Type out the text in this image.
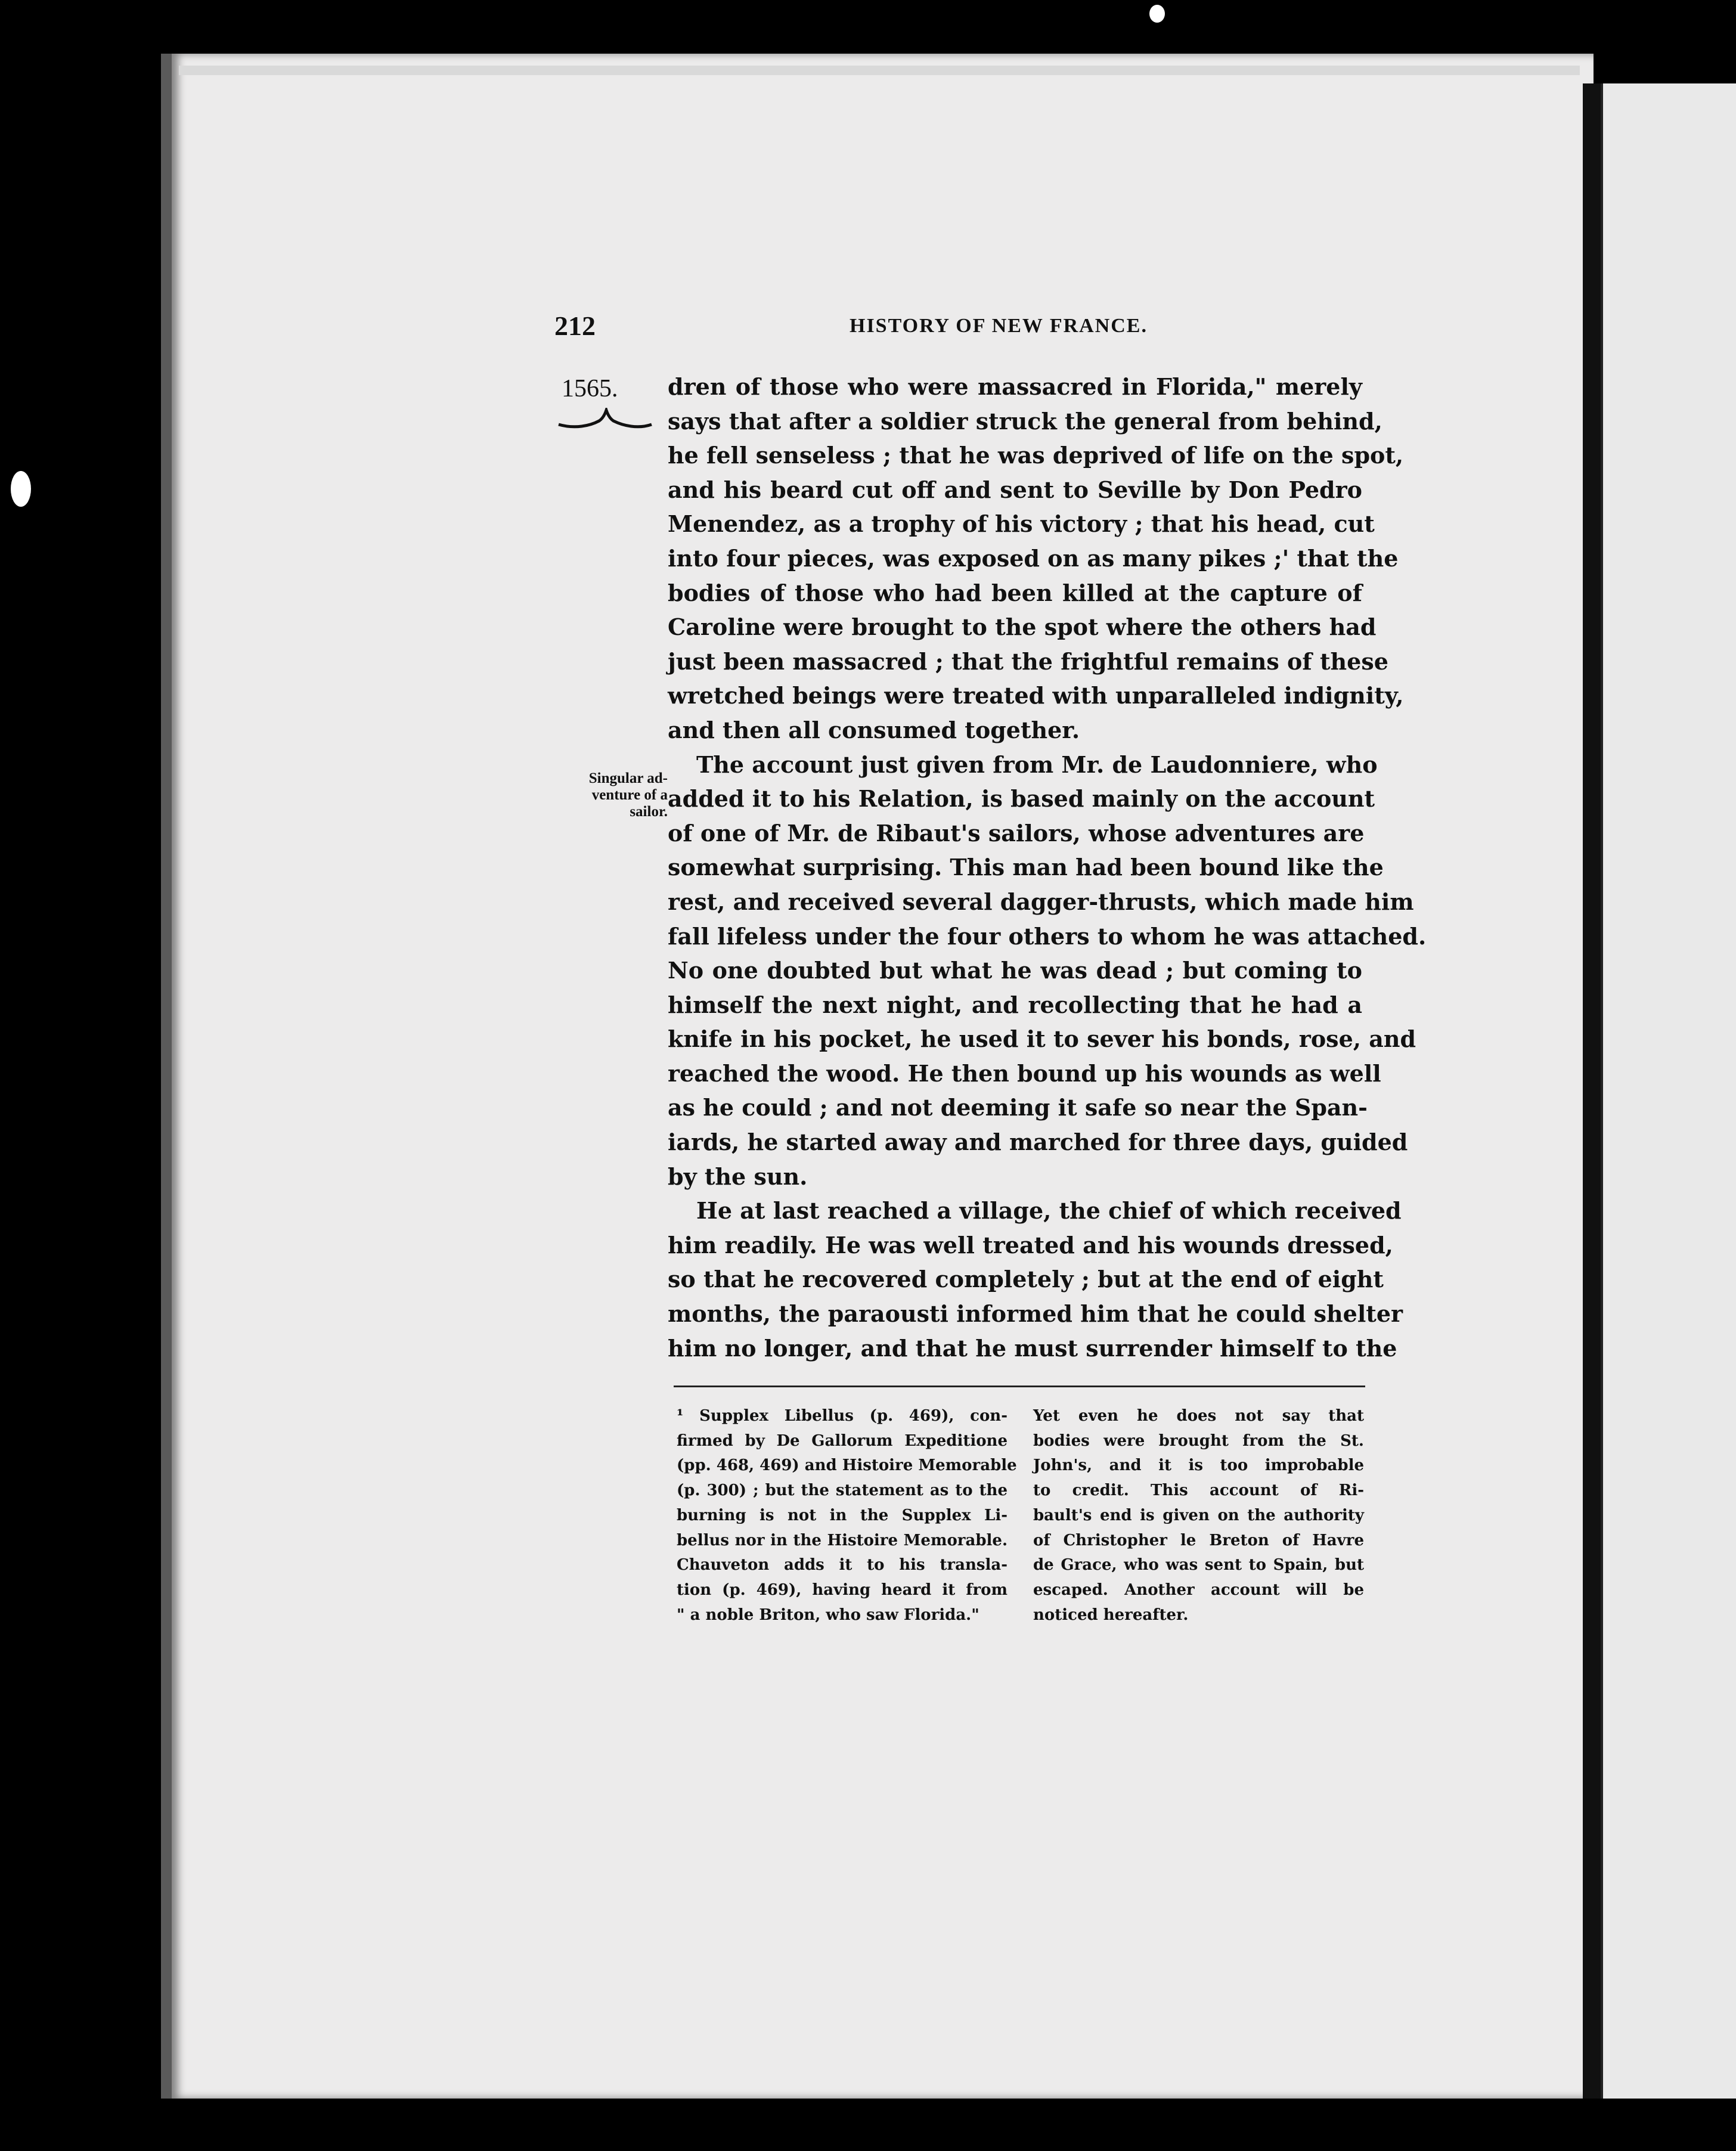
212	HISTORY OF NEW FRANCE.
1565.
Singular ad-
venture of a
sailor.

dren of those who were massacred in Florida," merely
says that after a soldier struck the general from behind,
he fell senseless ; that he was deprived of life on the spot,
and his beard cut off and sent to Seville by Don Pedro
Menendez, as a trophy of his victory ; that his head, cut
into four pieces, was exposed on as many pikes ;' that the
bodies of those who had been killed at the capture of
Caroline were brought to the spot where the others had
just been massacred ; that the frightful remains of these
wretched beings were treated with unparalleled indignity,
and then all consumed together.

The account just given from Mr. de Laudonniere, who
added it to his Relation, is based mainly on the account
of one of Mr. de Ribaut's sailors, whose adventures are
somewhat surprising. This man had been bound like the
rest, and received several dagger-thrusts, which made him
fall lifeless under the four others to whom he was attached.
No one doubted but what he was dead ; but coming to
himself the next night, and recollecting that he had a
knife in his pocket, he used it to sever his bonds, rose, and
reached the wood. He then bound up his wounds as well
as he could ; and not deeming it safe so near the Span-
iards, he started away and marched for three days, guided
by the sun.

He at last reached a village, the chief of which received
him readily. He was well treated and his wounds dressed,
so that he recovered completely ; but at the end of eight
months, the paraousti informed him that he could shelter
him no longer, and that he must surrender himself to the

¹ Supplex Libellus (p. 469), con-
firmed by De Gallorum Expeditione
(pp. 468, 469) and Histoire Memorable
(p. 300) ; but the statement as to the
burning is not in the Supplex Li-
bellus nor in the Histoire Memorable.
Chauveton adds it to his transla-
tion (p. 469), having heard it from
" a noble Briton, who saw Florida."
Yet even he does not say that
bodies were brought from the St.
John's, and it is too improbable
to credit. This account of Ri-
bault's end is given on the authority
of Christopher le Breton of Havre
de Grace, who was sent to Spain, but
escaped. Another account will be
noticed hereafter.
